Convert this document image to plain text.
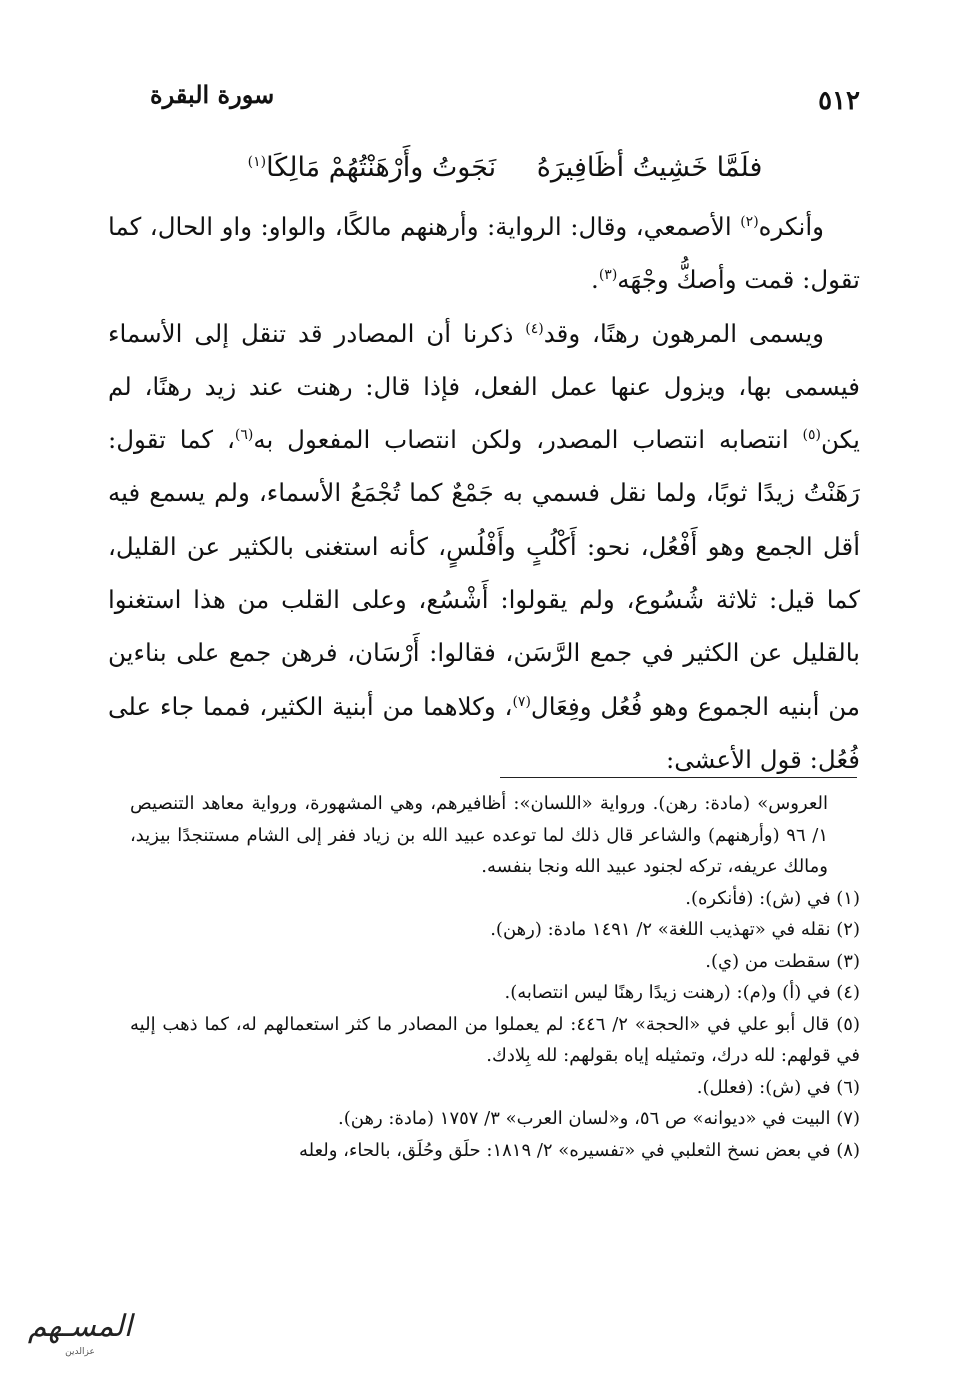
٥١٢
سورة البقرة
فلَمَّا خَشِيتُ أظَافِيرَهُ نَجَوتُ وأَرْهَنْتُهُمْ مَالِكَا$^{(١)}$

وأنكره$^{(٢)}$ الأصمعي، وقال: الرواية: وأرهنهم مالكًا، والواو: واو الحال، كما تقول: قمت وأصكُّ وجْهَه$^{(٣)}$.

ويسمى المرهون رهنًا، وقد$^{(٤)}$ ذكرنا أن المصادر قد تنقل إلى الأسماء فيسمى بها، ويزول عنها عمل الفعل، فإذا قال: رهنت عند زيد رهنًا، لم يكن$^{(٥)}$ انتصابه انتصاب المصدر، ولكن انتصاب المفعول به$^{(٦)}$، كما تقول: رَهَنْتُ زيدًا ثوبًا، ولما نقل فسمي به جَمْعٌ كما تُجْمَعُ الأسماء، ولم يسمع فيه أقل الجمع وهو أَفْعُل، نحو: أَكْلُبٍ وأَفْلُسٍ، كأنه استغنى بالكثير عن القليل، كما قيل: ثلاثة شُسُوع، ولم يقولوا: أَشْسُع، وعلى القلب من هذا استغنوا بالقليل عن الكثير في جمع الرَّسَن، فقالوا: أَرْسَان، فرهن جمع على بناءين من أبنيه الجموع وهو فُعُل وفِعَال$^{(٧)}$، وكلاهما من أبنية الكثير، فمما جاء على فُعُل: قول الأعشى:

العروس» (مادة: رهن). ورواية «اللسان»: أظافيرهم، وهي المشهورة، ورواية معاهد التنصيص ١/ ٩٦ (وأرهنهم) والشاعر قال ذلك لما توعده عبيد الله بن زياد ففر إلى الشام مستنجدًا بيزيد، ومالك عريفه، تركه لجنود عبيد الله ونجا بنفسه.
(١) في (ش): (فأنكره).
(٢) نقله في «تهذيب اللغة» ٢/ ١٤٩١ مادة: (رهن).
(٣) سقطت من (ي).
(٤) في (أ) و(م): (رهنت زيدًا رهنًا ليس انتصابه).
(٥) قال أبو علي في «الحجة» ٢/ ٤٤٦: لم يعملوا من المصادر ما كثر استعمالهم له، كما ذهب إليه في قولهم: لله درك، وتمثيله إياه بقولهم: لله بِلادك.
(٦) في (ش): (فعلل).
(٧) البيت في «ديوانه» ص ٥٦، و«لسان العرب» ٣/ ١٧٥٧ (مادة: رهن).
(٨) في بعض نسخ الثعلبي في «تفسيره» ٢/ ١٨١٩: حلَق وحُلَق، بالحاء، ولعله
المسـهم
عزالدين
